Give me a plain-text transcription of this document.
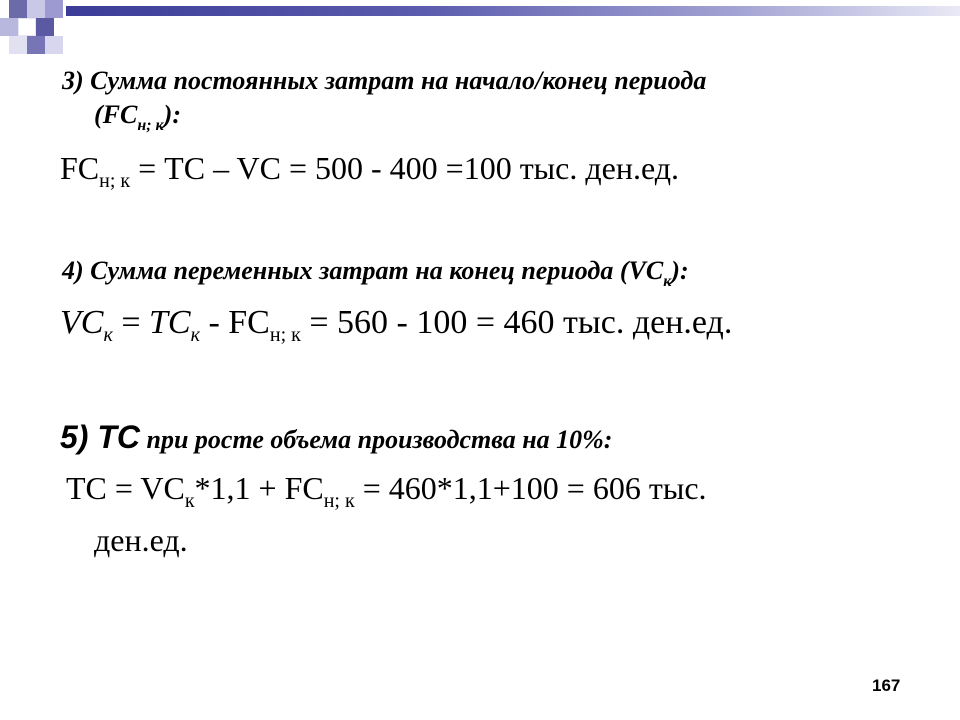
3) Сумма постоянных затрат на начало/конец периода
$(FC_{н; к})$:
$FC_{н; к}$ = TC – VC = 500 - 400 =100 тыс. ден.ед.
4) Сумма переменных затрат на конец периода $(VC_к)$:
$VC_к = TC_к - FC_{н; к} = 560 - 100 = 460$ тыс. ден.ед.
5) TC при росте объема производства на 10%:
TC = $VC_к*1,1 + FC_{н; к} = 460*1,1+100 = 606$ тыс.
ден.ед.
167
